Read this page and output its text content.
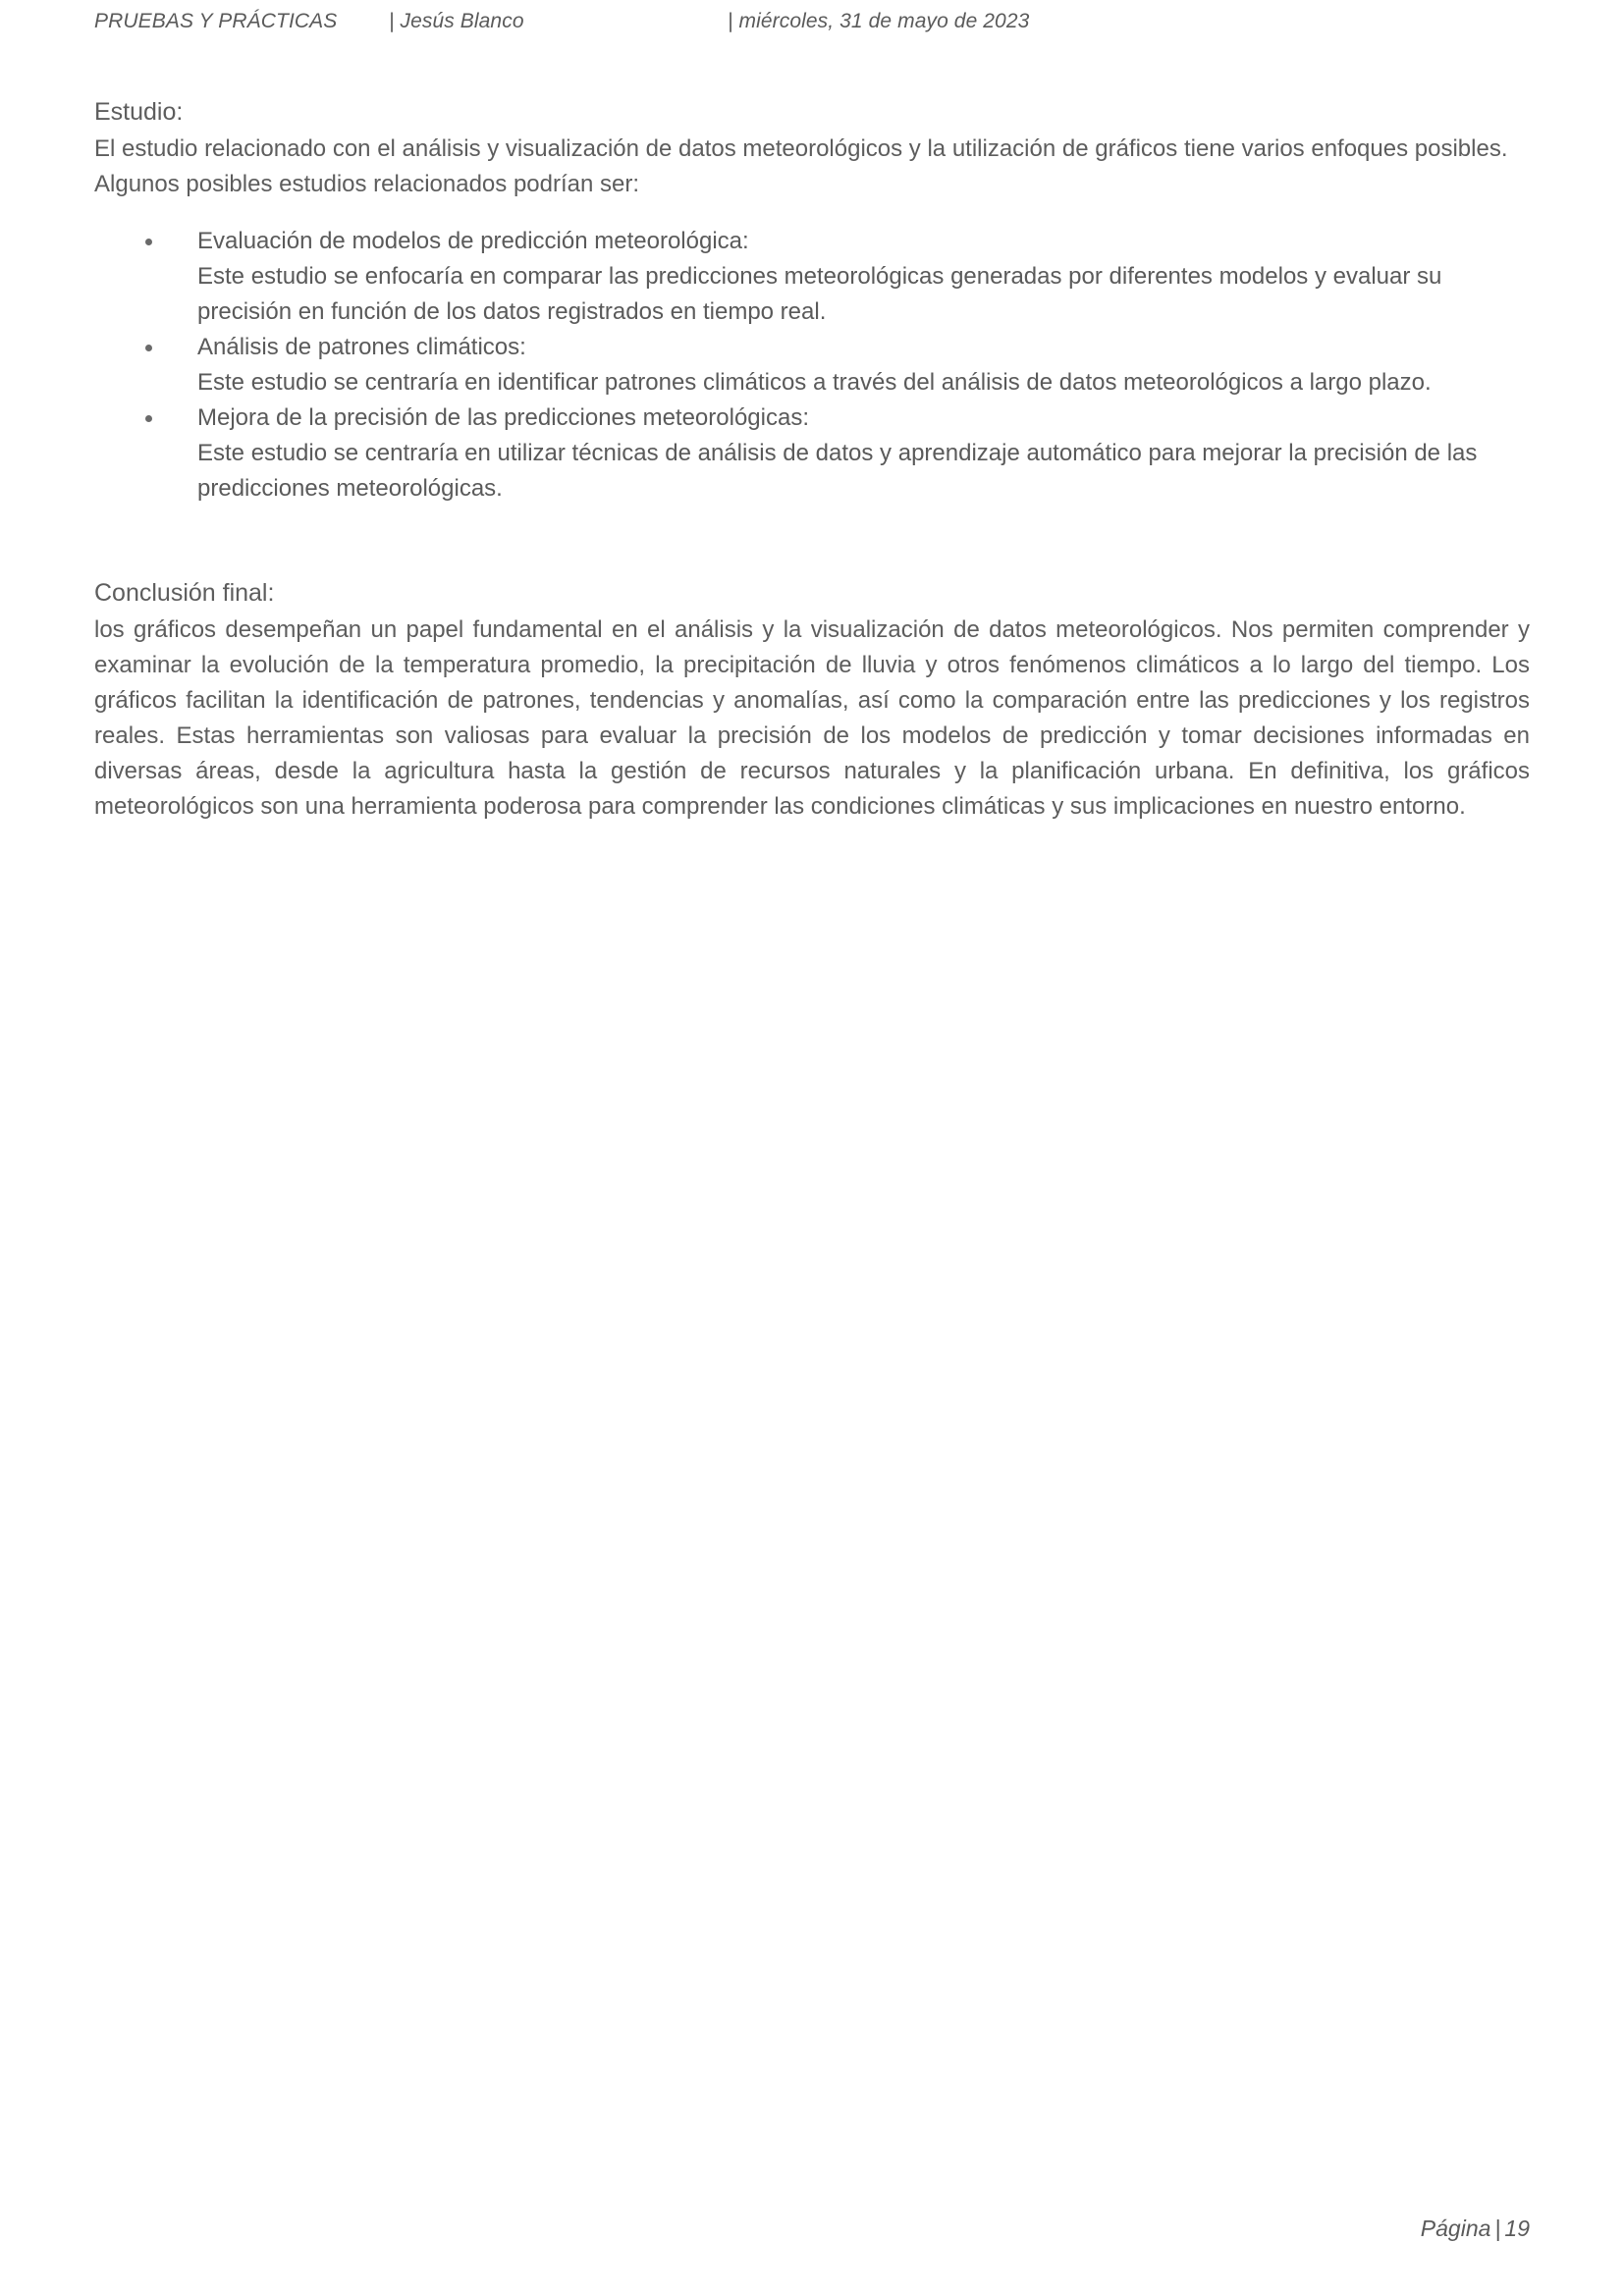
PRUEBAS Y PRÁCTICAS	| Jesús Blanco	| miércoles, 31 de mayo de 2023
Estudio:

El estudio relacionado con el análisis y visualización de datos meteorológicos y la utilización de gráficos tiene varios enfoques posibles. Algunos posibles estudios relacionados podrían ser:

Evaluación de modelos de predicción meteorológica:
Este estudio se enfocaría en comparar las predicciones meteorológicas generadas por diferentes modelos y evaluar su precisión en función de los datos registrados en tiempo real.
Análisis de patrones climáticos:
Este estudio se centraría en identificar patrones climáticos a través del análisis de datos meteorológicos a largo plazo.
Mejora de la precisión de las predicciones meteorológicas:
Este estudio se centraría en utilizar técnicas de análisis de datos y aprendizaje automático para mejorar la precisión de las predicciones meteorológicas.
Conclusión final:

los gráficos desempeñan un papel fundamental en el análisis y la visualización de datos meteorológicos. Nos permiten comprender y examinar la evolución de la temperatura promedio, la precipitación de lluvia y otros fenómenos climáticos a lo largo del tiempo. Los gráficos facilitan la identificación de patrones, tendencias y anomalías, así como la comparación entre las predicciones y los registros reales. Estas herramientas son valiosas para evaluar la precisión de los modelos de predicción y tomar decisiones informadas en diversas áreas, desde la agricultura hasta la gestión de recursos naturales y la planificación urbana. En definitiva, los gráficos meteorológicos son una herramienta poderosa para comprender las condiciones climáticas y sus implicaciones en nuestro entorno.

Página | 19
